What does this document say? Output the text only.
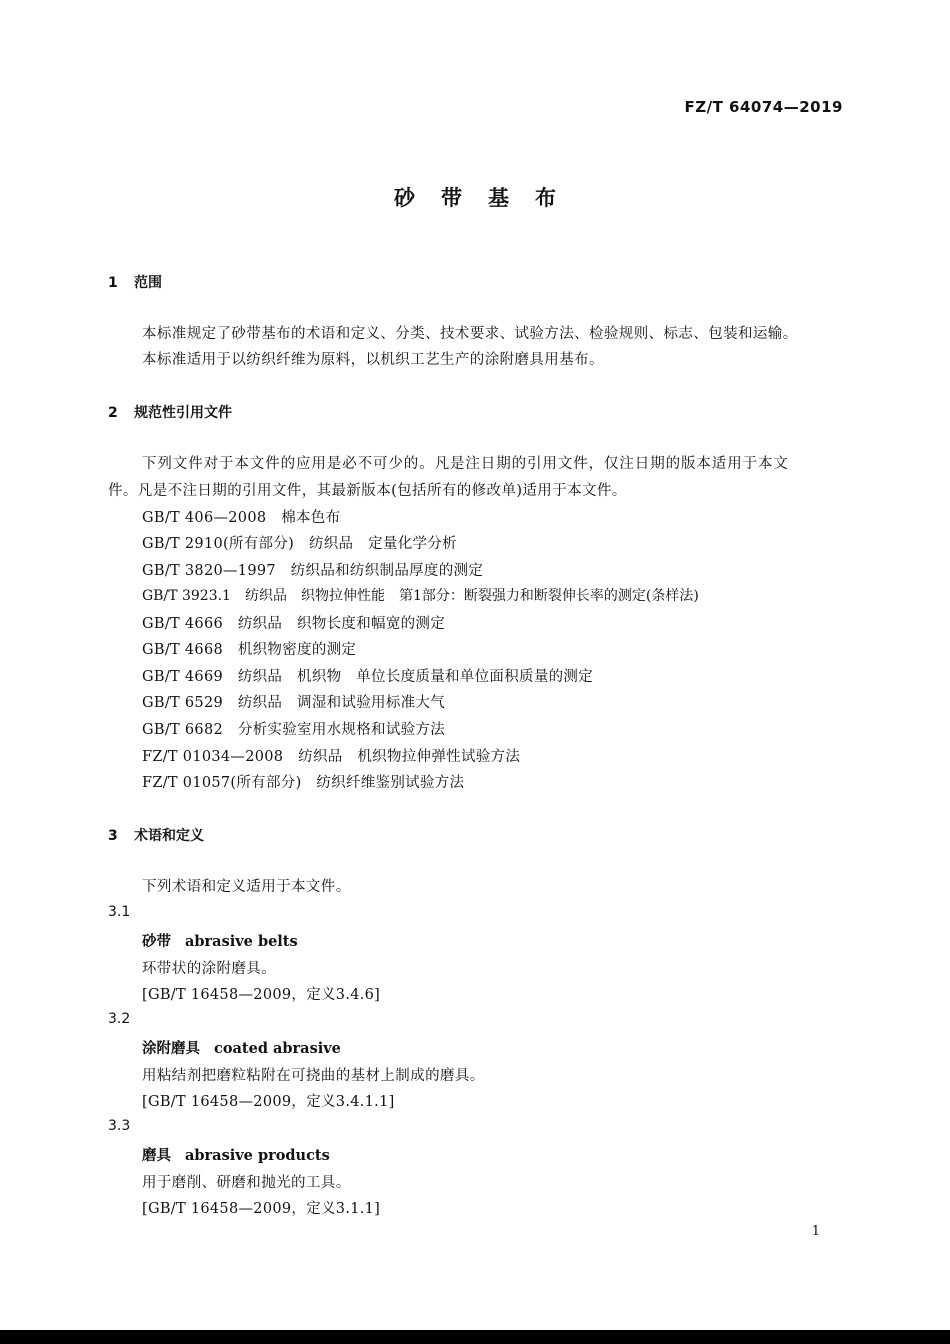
FZ/T 64074—2019
砂带基布
1 范围
本标准规定了砂带基布的术语和定义、分类、技术要求、试验方法、检验规则、标志、包装和运输。
本标准适用于以纺织纤维为原料，以机织工艺生产的涂附磨具用基布。
2 规范性引用文件
下列文件对于本文件的应用是必不可少的。凡是注日期的引用文件，仅注日期的版本适用于本文
件。凡是不注日期的引用文件，其最新版本(包括所有的修改单)适用于本文件。
GB/T 406—2008　 棉本色布
GB/T 2910(所有部分)　 纺织品　定量化学分析
GB/T 3820—1997　 纺织品和纺织制品厚度的测定
GB/T 3923.1　 纺织品　织物拉伸性能　第1部分：断裂强力和断裂伸长率的测定(条样法)
GB/T 4666　 纺织品　织物长度和幅宽的测定
GB/T 4668　 机织物密度的测定
GB/T 4669　 纺织品　机织物　单位长度质量和单位面积质量的测定
GB/T 6529　 纺织品　调湿和试验用标准大气
GB/T 6682　 分析实验室用水规格和试验方法
FZ/T 01034—2008　 纺织品　机织物拉伸弹性试验方法
FZ/T 01057(所有部分)　 纺织纤维鉴别试验方法
3 术语和定义
下列术语和定义适用于本文件。
3.1
砂带 abrasive belts
环带状的涂附磨具。
[GB/T 16458—2009，定义3.4.6]
3.2
涂附磨具 coated abrasive
用粘结剂把磨粒粘附在可挠曲的基材上制成的磨具。
[GB/T 16458—2009，定义3.4.1.1]
3.3
磨具 abrasive products
用于磨削、研磨和抛光的工具。
[GB/T 16458—2009，定义3.1.1]
1
